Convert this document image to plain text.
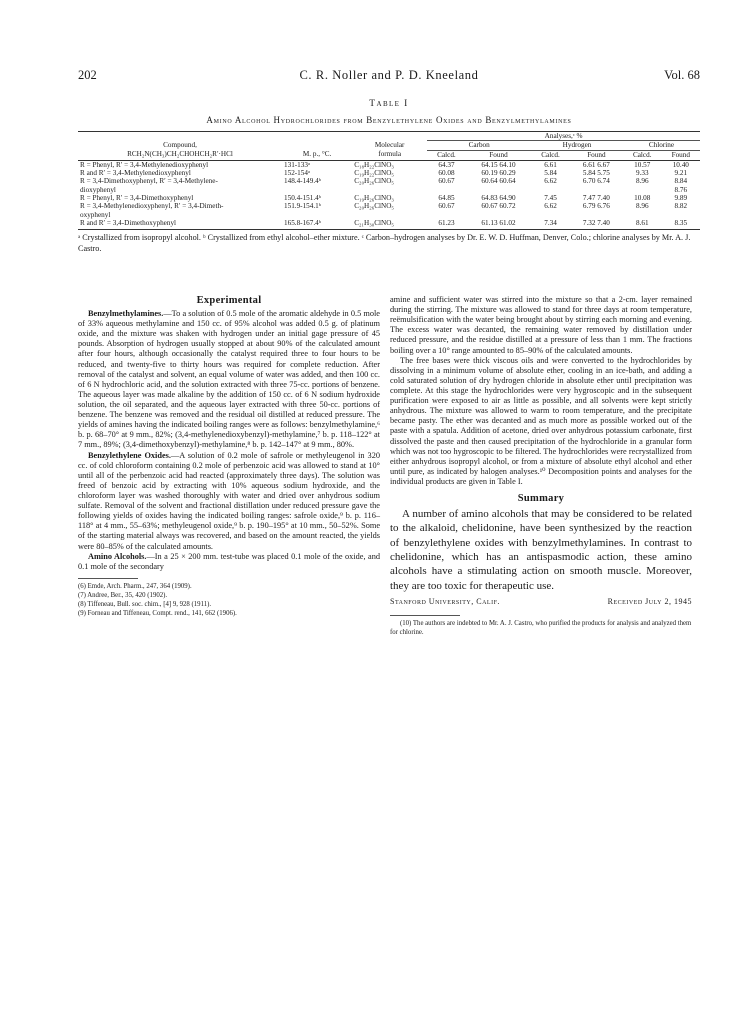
202	C. R. Noller and P. D. Kneeland	Vol. 68
Table I
Amino Alcohol Hydrochlorides from Benzylethylene Oxides and Benzylmethylamines
			Analyses,ᶜ %					
Compound,		Molecular	Carbon		Hydrogen		Chlorine	
RCH₂N(CH₃)CH₂CHOHCH₂R′·HCl	M. p., °C.	formula	Calcd.	Found	Calcd.	Found	Calcd.	Found
R = Phenyl, R′ = 3,4-Methylenedioxyphenyl	131-133ᵃ	C₁₈H₂₂ClNO₃	64.37	64.15 64.10	6.61	6.61 6.67	10.57	10.40
R and R′ = 3,4-Methylenedioxyphenyl	152-154ᵃ	C₁₉H₂₂ClNO₅	60.08	60.19 60.29	5.84	5.84 5.75	9.33	9.21
R = 3,4-Dimethoxyphenyl, R′ = 3,4-Methylene-
dioxyphenyl	148.4-149.4ᵇ	C₂₀H₂₆ClNO₅	60.67	60.64 60.64	6.62	6.70 6.74	8.96	8.84
8.76
R = Phenyl, R′ = 3,4-Dimethoxyphenyl	150.4-151.4ᵇ	C₁₉H₂₆ClNO₃	64.85	64.83 64.90	7.45	7.47 7.40	10.08	9.89
R = 3,4-Methylenedioxyphenyl, R′ = 3,4-Dimeth-
oxyphenyl	151.9-154.1ᵇ	C₂₀H₂₆ClNO₅	60.67	60.67 60.72	6.62	6.79 6.76	8.96	8.82
R and R′ = 3,4-Dimethoxyphenyl	165.8-167.4ᵇ	C₂₁H₃₀ClNO₅	61.23	61.13 61.02	7.34	7.32 7.40	8.61	8.35
ᵃ Crystallized from isopropyl alcohol. ᵇ Crystallized from ethyl alcohol–ether mixture. ᶜ Carbon–hydrogen analyses by Dr. E. W. D. Huffman, Denver, Colo.; chlorine analyses by Mr. A. J. Castro.
Experimental

Benzylmethylamines.—To a solution of 0.5 mole of the aromatic aldehyde in 0.5 mole of 33% aqueous methylamine and 150 cc. of 95% alcohol was added 0.5 g. of platinum oxide, and the mixture was shaken with hydrogen under an initial gage pressure of 45 pounds. Absorption of hydrogen usually stopped at about 90% of the calculated amount after four hours, although occasionally the catalyst required three to four hours to be reduced, and twenty-five to thirty hours was required for complete reduction. After removal of the catalyst and solvent, an equal volume of water was added, and then 100 cc. of 6 N hydrochloric acid, and the solution extracted with three 75-cc. portions of benzene. The aqueous layer was made alkaline by the addition of 150 cc. of 6 N sodium hydroxide solution, the oil separated, and the aqueous layer extracted with three 50-cc. portions of benzene. The benzene was removed and the residual oil distilled at reduced pressure. The yields of amines having the indicated boiling ranges were as follows: benzylmethylamine,⁶ b. p. 68–70° at 9 mm., 82%; (3,4-methylenedioxybenzyl)-methylamine,⁷ b. p. 118–122° at 7 mm., 89%; (3,4-dimethoxybenzyl)-methylamine,⁸ b. p. 142–147° at 9 mm., 80%.

Benzylethylene Oxides.—A solution of 0.2 mole of safrole or methyleugenol in 320 cc. of cold chloroform containing 0.2 mole of perbenzoic acid was allowed to stand at 10° until all of the perbenzoic acid had reacted (approximately three days). The solution was freed of benzoic acid by extracting with 10% aqueous sodium hydroxide, and the chloroform layer was washed thoroughly with water and dried over anhydrous sodium sulfate. Removal of the solvent and fractional distillation under reduced pressure gave the following yields of oxides having the indicated boiling ranges: safrole oxide,⁹ b. p. 116–118° at 4 mm., 55–63%; methyleugenol oxide,⁹ b. p. 190–195° at 10 mm., 50–52%. Some of the starting material always was recovered, and based on the amount reacted, the yields were 80–85% of the calculated amounts.

Amino Alcohols.—In a 25 × 200 mm. test-tube was placed 0.1 mole of the oxide, and 0.1 mole of the secondary

(6) Emde, Arch. Pharm., 247, 364 (1909).
(7) Andree, Ber., 35, 420 (1902).
(8) Tiffeneau, Bull. soc. chim., [4] 9, 928 (1911).
(9) Forneau and Tiffeneau, Compt. rend., 141, 662 (1906).

amine and sufficient water was stirred into the mixture so that a 2-cm. layer remained during the stirring. The mixture was allowed to stand for three days at room temperature, reëmulsification with the water being brought about by stirring each morning and evening. The excess water was decanted, the remaining water removed by distillation under reduced pressure, and the residue distilled at a pressure of less than 1 mm. The fractions boiling over a 10° range amounted to 85–90% of the calculated amounts.

The free bases were thick viscous oils and were converted to the hydrochlorides by dissolving in a minimum volume of absolute ether, cooling in an ice-bath, and adding a cold saturated solution of dry hydrogen chloride in absolute ether until precipitation was complete. At this stage the hydrochlorides were very hygroscopic and in the subsequent purification were exposed to air as little as possible, and all solvents were kept strictly anhydrous. The mixture was allowed to warm to room temperature, and the precipitate became pasty. The ether was decanted and as much more as possible worked out of the paste with a spatula. Addition of acetone, dried over anhydrous potassium carbonate, first dissolved the paste and then caused precipitation of the hydrochloride in a granular form which was not too hygroscopic to be filtered. The hydrochlorides were recrystallized from either anhydrous isopropyl alcohol, or from a mixture of absolute ethyl alcohol and ether until pure, as indicated by halogen analyses.¹⁰ Decomposition points and analyses for the individual products are given in Table I.

Summary

A number of amino alcohols that may be considered to be related to the alkaloid, chelidonine, have been synthesized by the reaction of benzylethylene oxides with benzylmethylamines. In contrast to chelidonine, which has an antispasmodic action, these amino alcohols have a stimulating action on smooth muscle. Moreover, they are too toxic for therapeutic use.

Stanford University, Calif.	Received July 2, 1945
(10) The authors are indebted to Mr. A. J. Castro, who purified the products for analysis and analyzed them for chlorine.
